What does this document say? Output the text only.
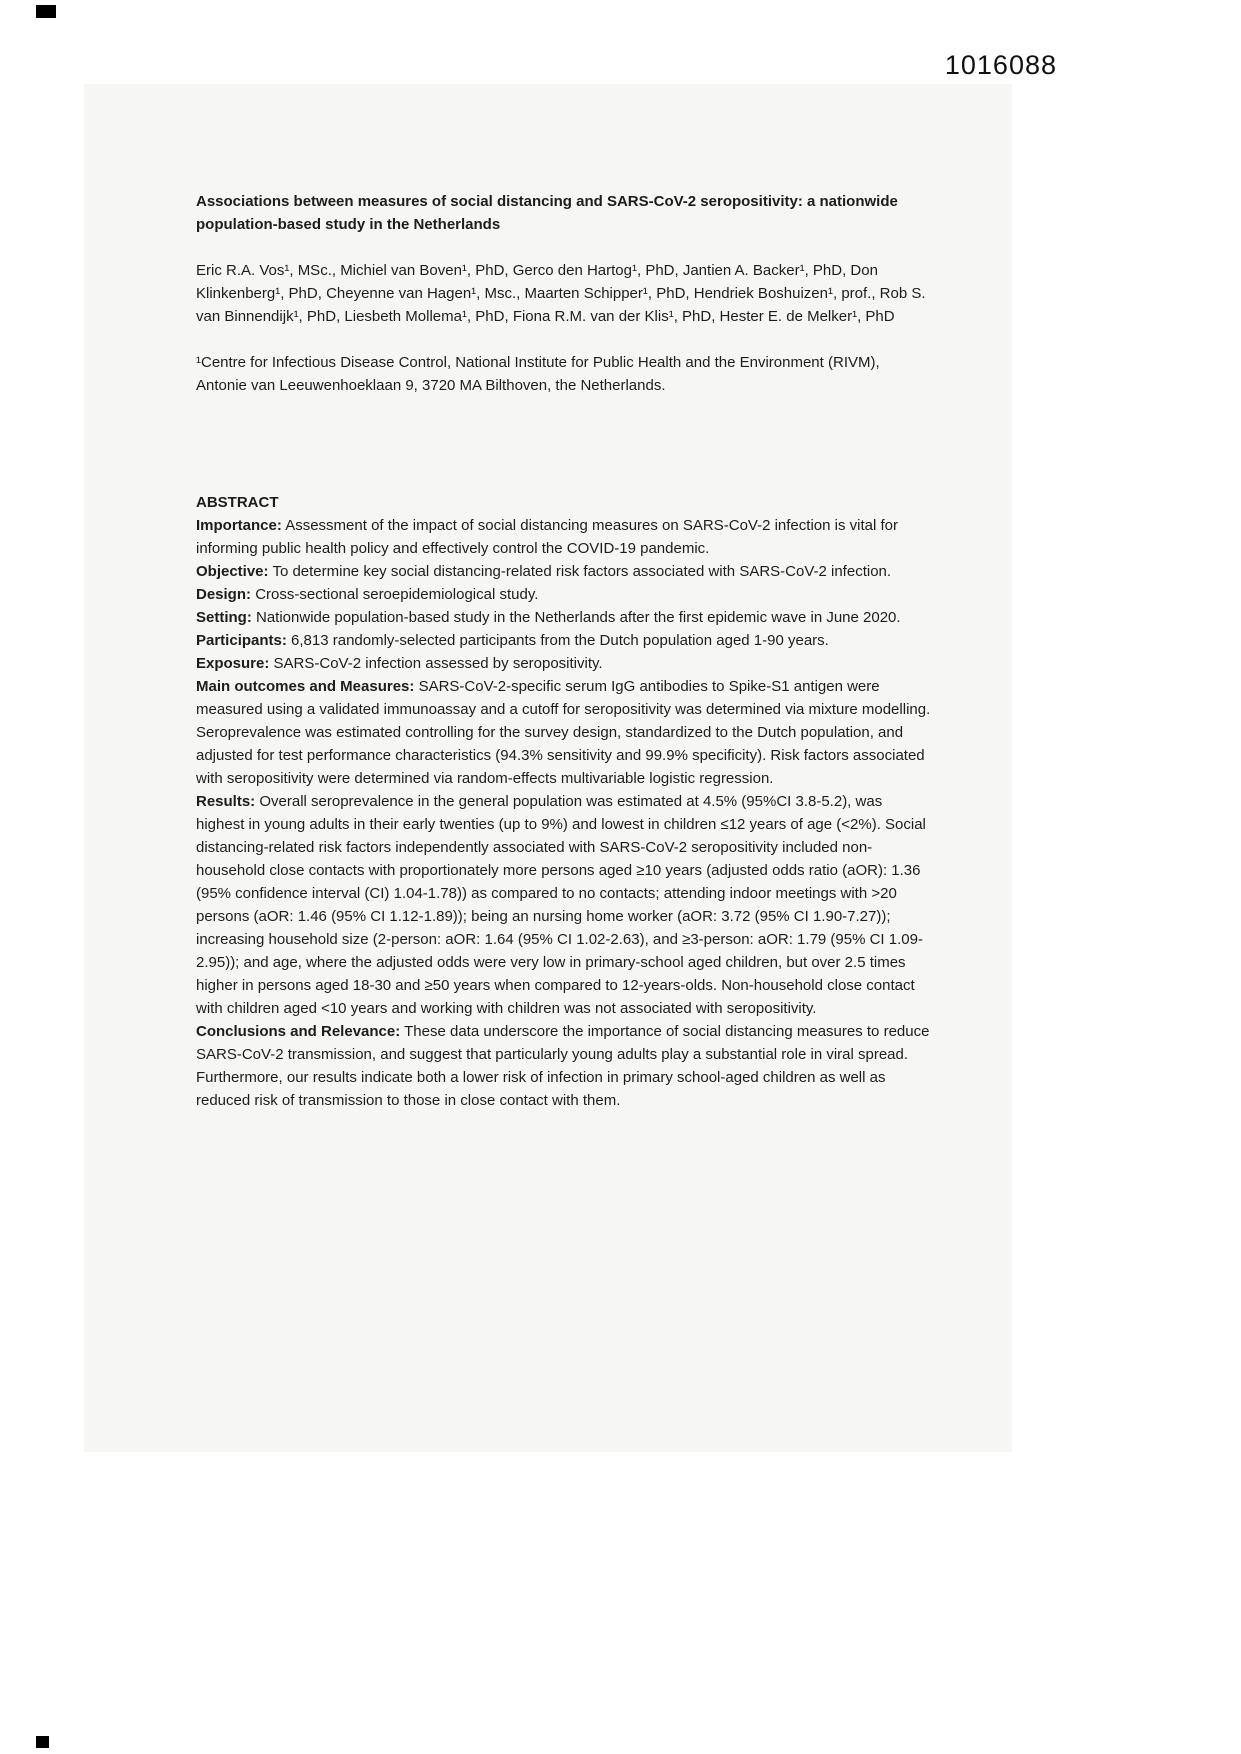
1016088

Associations between measures of social distancing and SARS-CoV-2 seropositivity: a nationwide population-based study in the Netherlands

Eric R.A. Vos¹, MSc., Michiel van Boven¹, PhD, Gerco den Hartog¹, PhD, Jantien A. Backer¹, PhD, Don Klinkenberg¹, PhD, Cheyenne van Hagen¹, Msc., Maarten Schipper¹, PhD, Hendriek Boshuizen¹, prof., Rob S. van Binnendijk¹, PhD, Liesbeth Mollema¹, PhD, Fiona R.M. van der Klis¹, PhD, Hester E. de Melker¹, PhD

¹Centre for Infectious Disease Control, National Institute for Public Health and the Environment (RIVM), Antonie van Leeuwenhoeklaan 9, 3720 MA Bilthoven, the Netherlands.

ABSTRACT

Importance: Assessment of the impact of social distancing measures on SARS-CoV-2 infection is vital for informing public health policy and effectively control the COVID-19 pandemic.

Objective: To determine key social distancing-related risk factors associated with SARS-CoV-2 infection.

Design: Cross-sectional seroepidemiological study.

Setting: Nationwide population-based study in the Netherlands after the first epidemic wave in June 2020.

Participants: 6,813 randomly-selected participants from the Dutch population aged 1-90 years.

Exposure: SARS-CoV-2 infection assessed by seropositivity.

Main outcomes and Measures: SARS-CoV-2-specific serum IgG antibodies to Spike-S1 antigen were measured using a validated immunoassay and a cutoff for seropositivity was determined via mixture modelling. Seroprevalence was estimated controlling for the survey design, standardized to the Dutch population, and adjusted for test performance characteristics (94.3% sensitivity and 99.9% specificity). Risk factors associated with seropositivity were determined via random-effects multivariable logistic regression.

Results: Overall seroprevalence in the general population was estimated at 4.5% (95%CI 3.8-5.2), was highest in young adults in their early twenties (up to 9%) and lowest in children ≤12 years of age (<2%). Social distancing-related risk factors independently associated with SARS-CoV-2 seropositivity included non-household close contacts with proportionately more persons aged ≥10 years (adjusted odds ratio (aOR): 1.36 (95% confidence interval (CI) 1.04-1.78)) as compared to no contacts; attending indoor meetings with >20 persons (aOR: 1.46 (95% CI 1.12-1.89)); being an nursing home worker (aOR: 3.72 (95% CI 1.90-7.27)); increasing household size (2-person: aOR: 1.64 (95% CI 1.02-2.63), and ≥3-person: aOR: 1.79 (95% CI 1.09-2.95)); and age, where the adjusted odds were very low in primary-school aged children, but over 2.5 times higher in persons aged 18-30 and ≥50 years when compared to 12-years-olds. Non-household close contact with children aged <10 years and working with children was not associated with seropositivity.

Conclusions and Relevance: These data underscore the importance of social distancing measures to reduce SARS-CoV-2 transmission, and suggest that particularly young adults play a substantial role in viral spread. Furthermore, our results indicate both a lower risk of infection in primary school-aged children as well as reduced risk of transmission to those in close contact with them.
